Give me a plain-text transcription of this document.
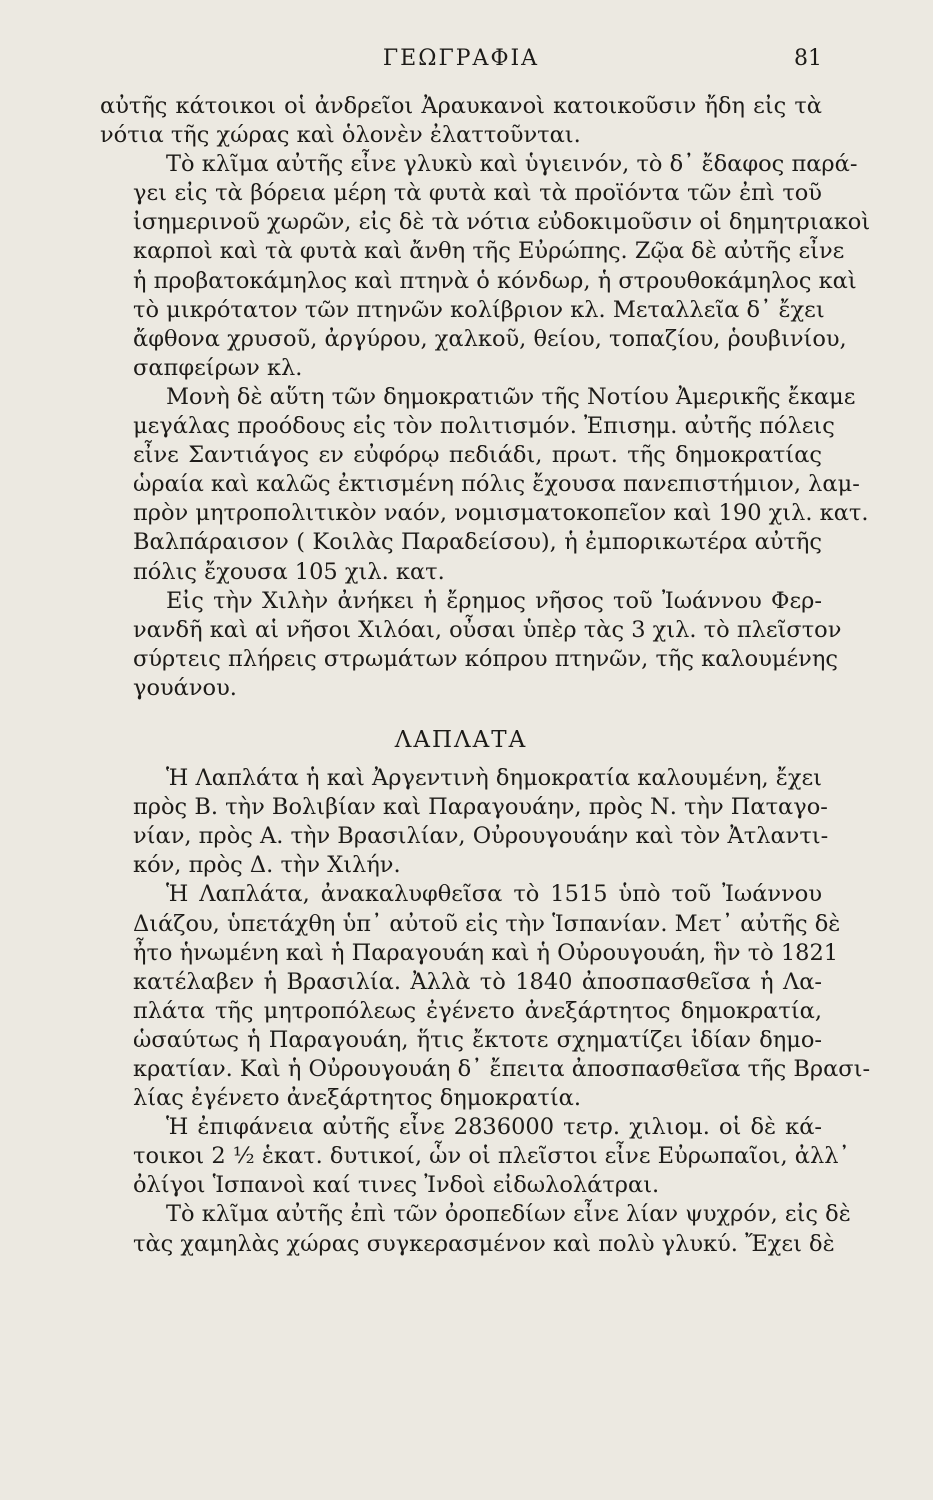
ΓΕΩΓΡΑΦΙΑ	81

αὐτῆς κάτοικοι οἱ ἀνδρεῖοι Ἀραυκανοὶ κατοικοῦσιν ἤδη εἰς τὰ
νότια τῆς χώρας καὶ ὁλονὲν ἐλαττοῦνται.

Τὸ κλῖμα αὐτῆς εἶνε γλυκὺ καὶ ὑγιεινόν, τὸ δ᾽ ἔδαφος παρά-
γει εἰς τὰ βόρεια μέρη τὰ φυτὰ καὶ τὰ προϊόντα τῶν ἐπὶ τοῦ
ἰσημερινοῦ χωρῶν, εἰς δὲ τὰ νότια εὐδοκιμοῦσιν οἱ δημητριακοὶ
καρποὶ καὶ τὰ φυτὰ καὶ ἄνθη τῆς Εὐρώπης. Ζῷα δὲ αὐτῆς εἶνε
ἡ προβατοκάμηλος καὶ πτηνὰ ὁ κόνδωρ, ἡ στρουθοκάμηλος καὶ
τὸ μικρότατον τῶν πτηνῶν κολίβριον κλ. Μεταλλεῖα δ᾽ ἔχει
ἄφθονα χρυσοῦ, ἀργύρου, χαλκοῦ, θείου, τοπαζίου, ῥουβινίου,
σαπφείρων κλ.

Μονὴ δὲ αὕτη τῶν δημοκρατιῶν τῆς Νοτίου Ἀμερικῆς ἔκαμε
μεγάλας προόδους εἰς τὸν πολιτισμόν. Ἐπισημ. αὐτῆς πόλεις
εἶνε Σαντιάγος εν εὐφόρῳ πεδιάδι, πρωτ. τῆς δημοκρατίας
ὡραία καὶ καλῶς ἐκτισμένη πόλις ἔχουσα πανεπιστήμιον, λαμ-
πρὸν μητροπολιτικὸν ναόν, νομισματοκοπεῖον καὶ 190 χιλ. κατ.
Βαλπάραισον ( Κοιλὰς Παραδείσου), ἡ ἐμπορικωτέρα αὐτῆς
πόλις ἔχουσα 105 χιλ. κατ.

Εἰς τὴν Χιλὴν ἀνήκει ἡ ἔρημος νῆσος τοῦ Ἰωάννου Φερ-
νανδῆ καὶ αἱ νῆσοι Χιλόαι, οὖσαι ὑπὲρ τὰς 3 χιλ. τὸ πλεῖστον
σύρτεις πλήρεις στρωμάτων κόπρου πτηνῶν, τῆς καλουμένης
γουάνου.

ΛΑΠΛΑΤΑ

Ἡ Λαπλάτα ἡ καὶ Ἀργεντινὴ δημοκρατία καλουμένη, ἔχει
πρὸς Β. τὴν Βολιβίαν καὶ Παραγουάην, πρὸς Ν. τὴν Παταγο-
νίαν, πρὸς Α. τὴν Βρασιλίαν, Οὐρουγουάην καὶ τὸν Ἀτλαντι-
κόν, πρὸς Δ. τὴν Χιλήν.

Ἡ Λαπλάτα, ἀνακαλυφθεῖσα τὸ 1515 ὑπὸ τοῦ Ἰωάννου
Διάζου, ὑπετάχθη ὑπ᾽ αὐτοῦ εἰς τὴν Ἱσπανίαν. Μετ᾽ αὐτῆς δὲ
ἦτο ἡνωμένη καὶ ἡ Παραγουάη καὶ ἡ Οὐρουγουάη, ἣν τὸ 1821
κατέλαβεν ἡ Βρασιλία. Ἀλλὰ τὸ 1840 ἀποσπασθεῖσα ἡ Λα-
πλάτα τῆς μητροπόλεως ἐγένετο ἀνεξάρτητος δημοκρατία,
ὡσαύτως ἡ Παραγουάη, ἥτις ἔκτοτε σχηματίζει ἰδίαν δημο-
κρατίαν. Καὶ ἡ Οὐρουγουάη δ᾽ ἔπειτα ἀποσπασθεῖσα τῆς Βρασι-
λίας ἐγένετο ἀνεξάρτητος δημοκρατία.

Ἡ ἐπιφάνεια αὐτῆς εἶνε 2836000 τετρ. χιλιομ. οἱ δὲ κά-
τοικοι 2 ½ ἑκατ. δυτικοί, ὧν οἱ πλεῖστοι εἶνε Εὐρωπαῖοι, ἀλλ᾽
ὀλίγοι Ἱσπανοὶ καί τινες Ἰνδοὶ εἰδωλολάτραι.

Τὸ κλῖμα αὐτῆς ἐπὶ τῶν ὀροπεδίων εἶνε λίαν ψυχρόν, εἰς δὲ
τὰς χαμηλὰς χώρας συγκερασμένον καὶ πολὺ γλυκύ. Ἔχει δὲ
